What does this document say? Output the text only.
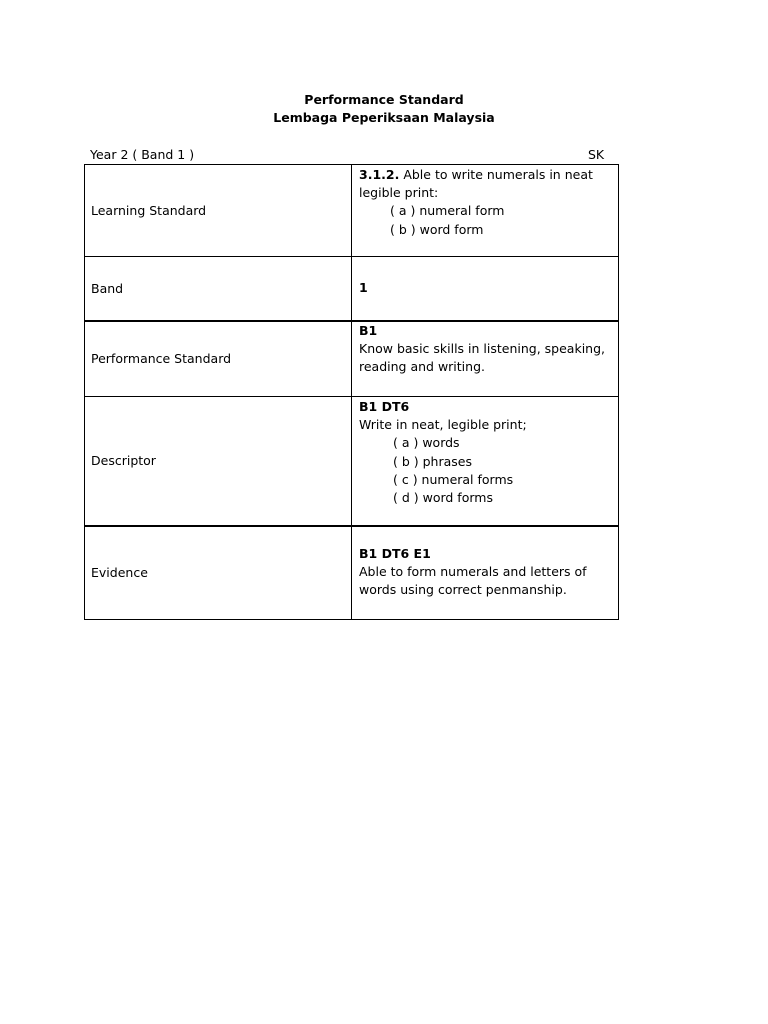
Performance Standard
Lembaga Peperiksaan Malaysia
Year 2 ( Band 1 )	SK
Learning Standard
3.1.2. Able to write numerals in neat
legible print:
( a ) numeral form
( b ) word form
Band	1
Performance Standard
B1
Know basic skills in listening, speaking,
reading and writing.
Descriptor
B1 DT6
Write in neat, legible print;
( a ) words
( b ) phrases
( c ) numeral forms
( d ) word forms
Evidence
B1 DT6 E1
Able to form numerals and letters of
words using correct penmanship.
